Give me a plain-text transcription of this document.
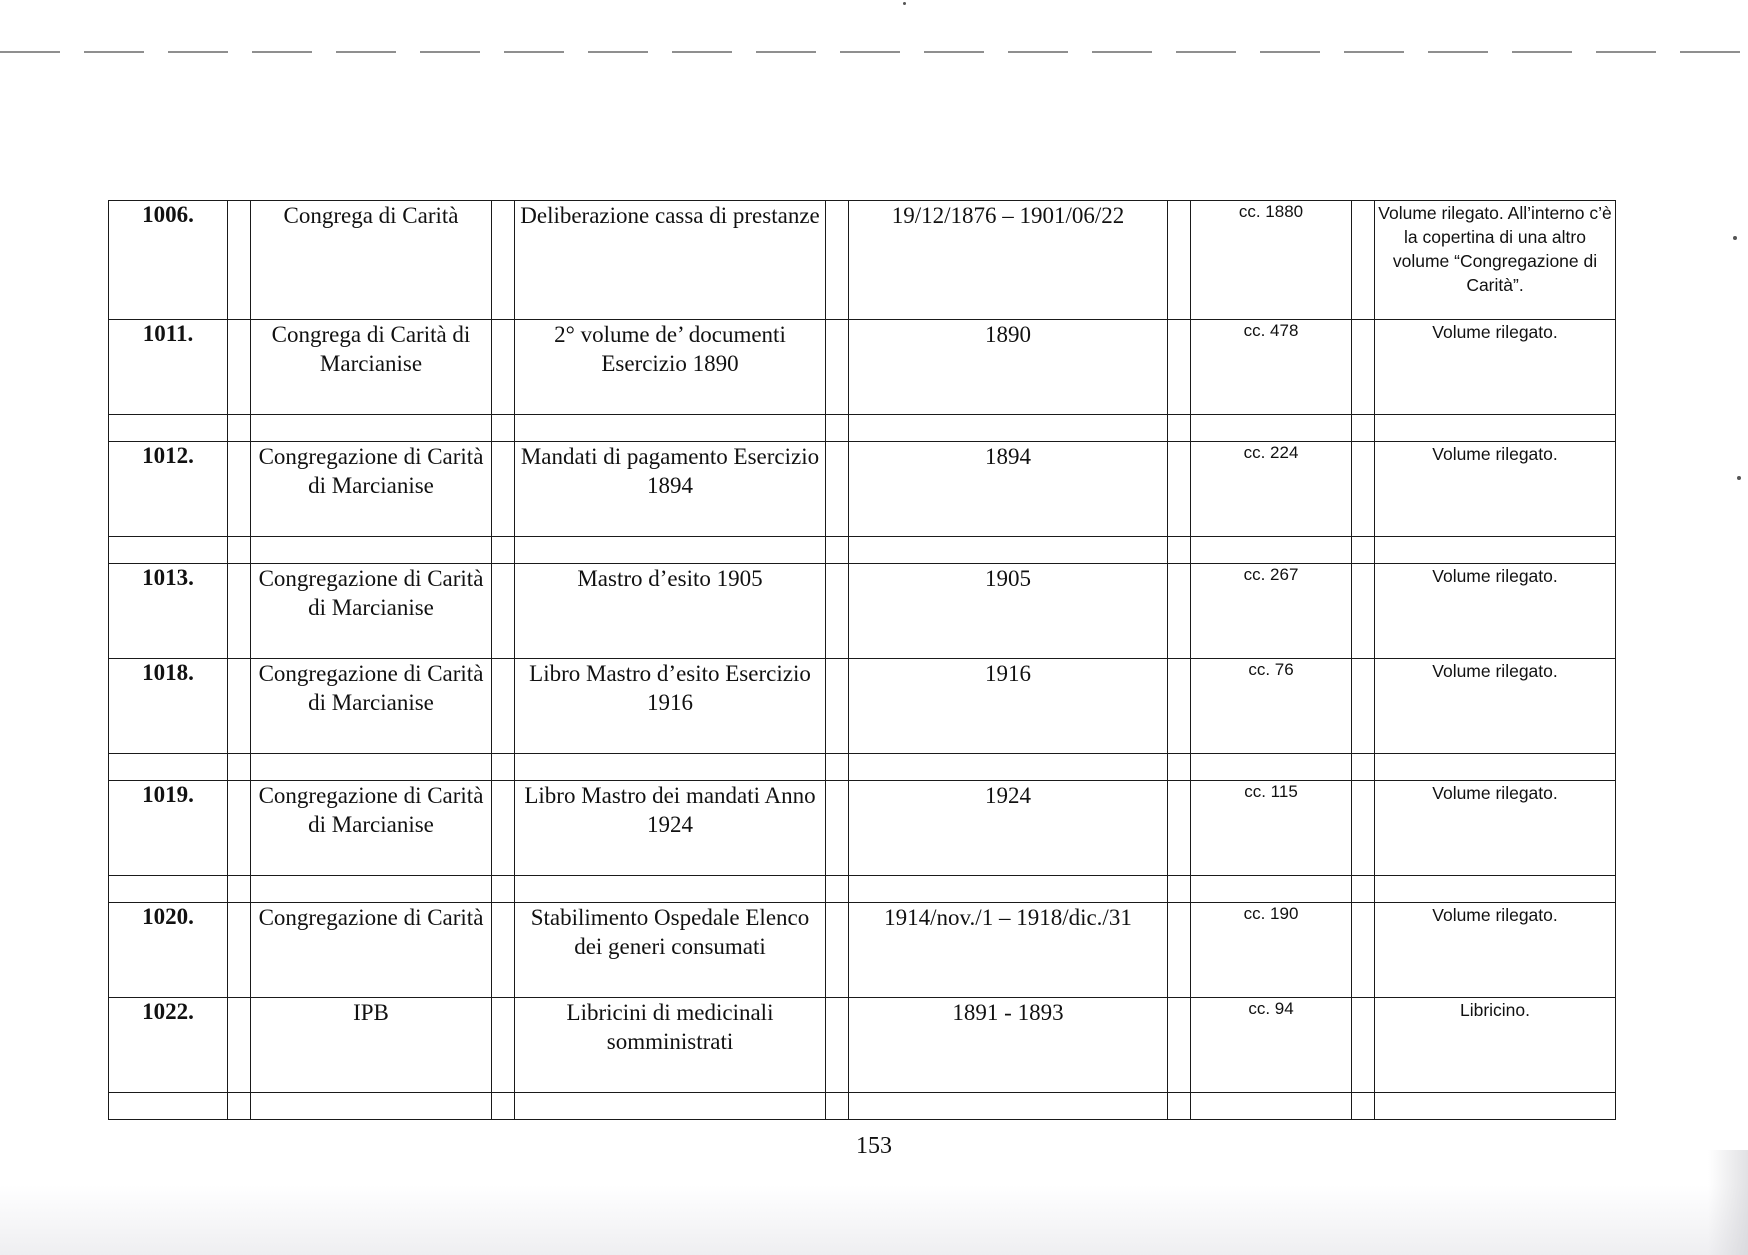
1006.		Congrega di Carità		Deliberazione cassa di prestanze		19/12/1876 – 1901/06/22		cc. 1880		Volume rilegato. All’interno c’è la copertina di una altro volume “Congregazione di Carità”.
1011.		Congrega di Carità di Marcianise		2° volume de’ documenti Esercizio 1890		1890		cc. 478		Volume rilegato.

1012.		Congregazione di Carità di Marcianise		Mandati di pagamento Esercizio 1894		1894		cc. 224		Volume rilegato.

1013.		Congregazione di Carità di Marcianise		Mastro d’esito 1905		1905		cc. 267		Volume rilegato.
1018.		Congregazione di Carità di Marcianise		Libro Mastro d’esito Esercizio 1916		1916		cc. 76		Volume rilegato.

1019.		Congregazione di Carità di Marcianise		Libro Mastro dei mandati Anno 1924		1924		cc. 115		Volume rilegato.

1020.		Congregazione di Carità		Stabilimento Ospedale Elenco dei generi consumati		1914/nov./1 – 1918/dic./31		cc. 190		Volume rilegato.
1022.		IPB		Libricini di medicinali somministrati		1891 - 1893		cc. 94		Libricino.

153
